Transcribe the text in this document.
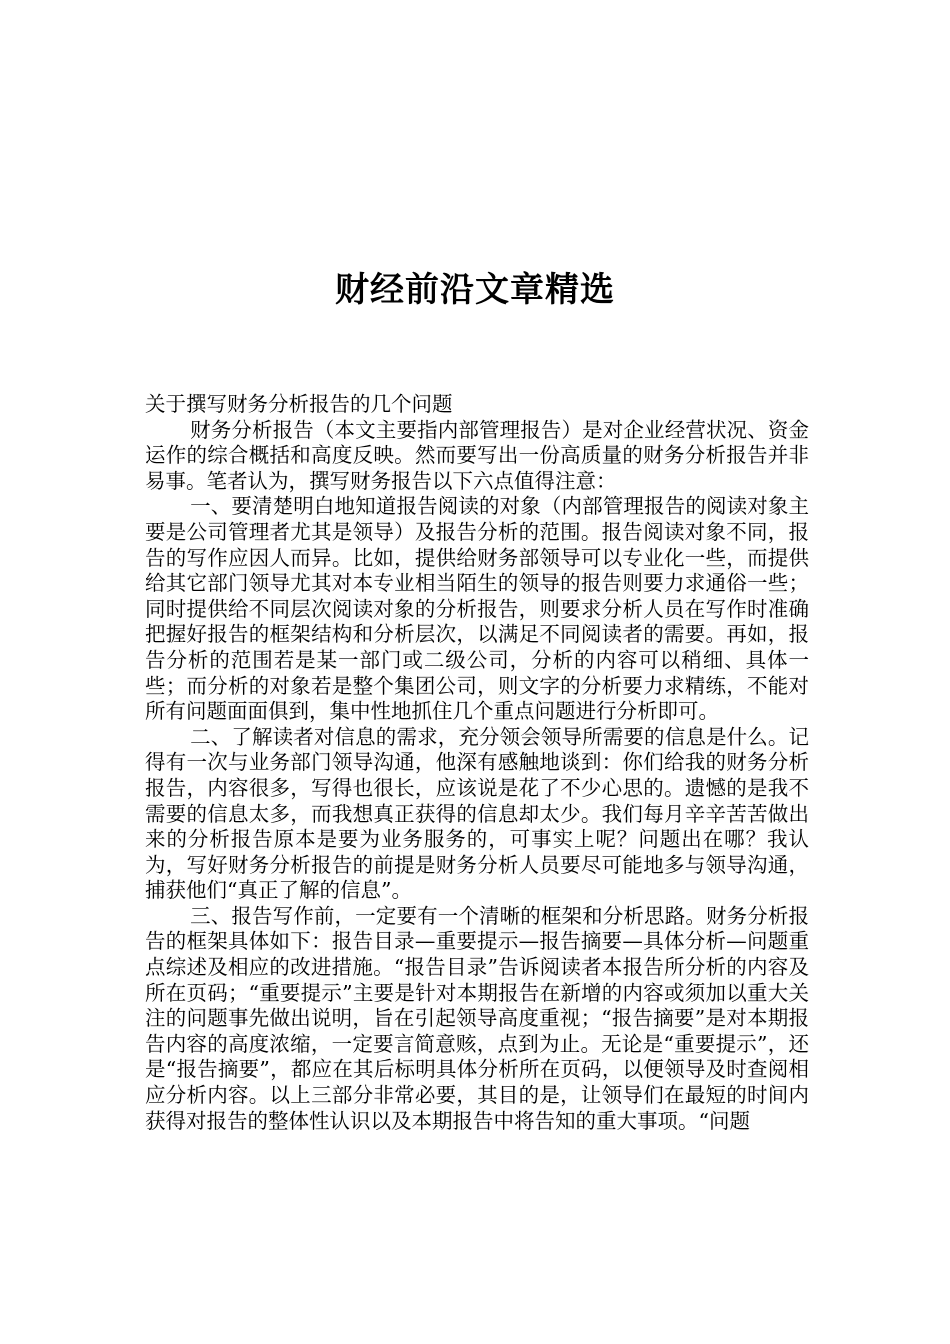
财经前沿文章精选

关于撰写财务分析报告的几个问题

财务分析报告（本文主要指内部管理报告）是对企业经营状况、资金运作的综合概括和高度反映。然而要写出一份高质量的财务分析报告并非易事。笔者认为，撰写财务报告以下六点值得注意：

一、要清楚明白地知道报告阅读的对象（内部管理报告的阅读对象主要是公司管理者尤其是领导）及报告分析的范围。报告阅读对象不同，报告的写作应因人而异。比如，提供给财务部领导可以专业化一些，而提供给其它部门领导尤其对本专业相当陌生的领导的报告则要力求通俗一些；同时提供给不同层次阅读对象的分析报告，则要求分析人员在写作时准确把握好报告的框架结构和分析层次，以满足不同阅读者的需要。再如，报告分析的范围若是某一部门或二级公司，分析的内容可以稍细、具体一些；而分析的对象若是整个集团公司，则文字的分析要力求精练，不能对所有问题面面俱到，集中性地抓住几个重点问题进行分析即可。

二、了解读者对信息的需求，充分领会领导所需要的信息是什么。记得有一次与业务部门领导沟通，他深有感触地谈到：你们给我的财务分析报告，内容很多，写得也很长，应该说是花了不少心思的。遗憾的是我不需要的信息太多，而我想真正获得的信息却太少。我们每月辛辛苦苦做出来的分析报告原本是要为业务服务的，可事实上呢？问题出在哪？我认为，写好财务分析报告的前提是财务分析人员要尽可能地多与领导沟通，捕获他们“真正了解的信息”。

三、报告写作前，一定要有一个清晰的框架和分析思路。财务分析报告的框架具体如下：报告目录—重要提示—报告摘要—具体分析—问题重点综述及相应的改进措施。“报告目录”告诉阅读者本报告所分析的内容及所在页码；“重要提示”主要是针对本期报告在新增的内容或须加以重大关注的问题事先做出说明，旨在引起领导高度重视；“报告摘要”是对本期报告内容的高度浓缩，一定要言简意赅，点到为止。无论是“重要提示”，还是“报告摘要”，都应在其后标明具体分析所在页码，以便领导及时查阅相应分析内容。以上三部分非常必要，其目的是，让领导们在最短的时间内获得对报告的整体性认识以及本期报告中将告知的重大事项。“问题
